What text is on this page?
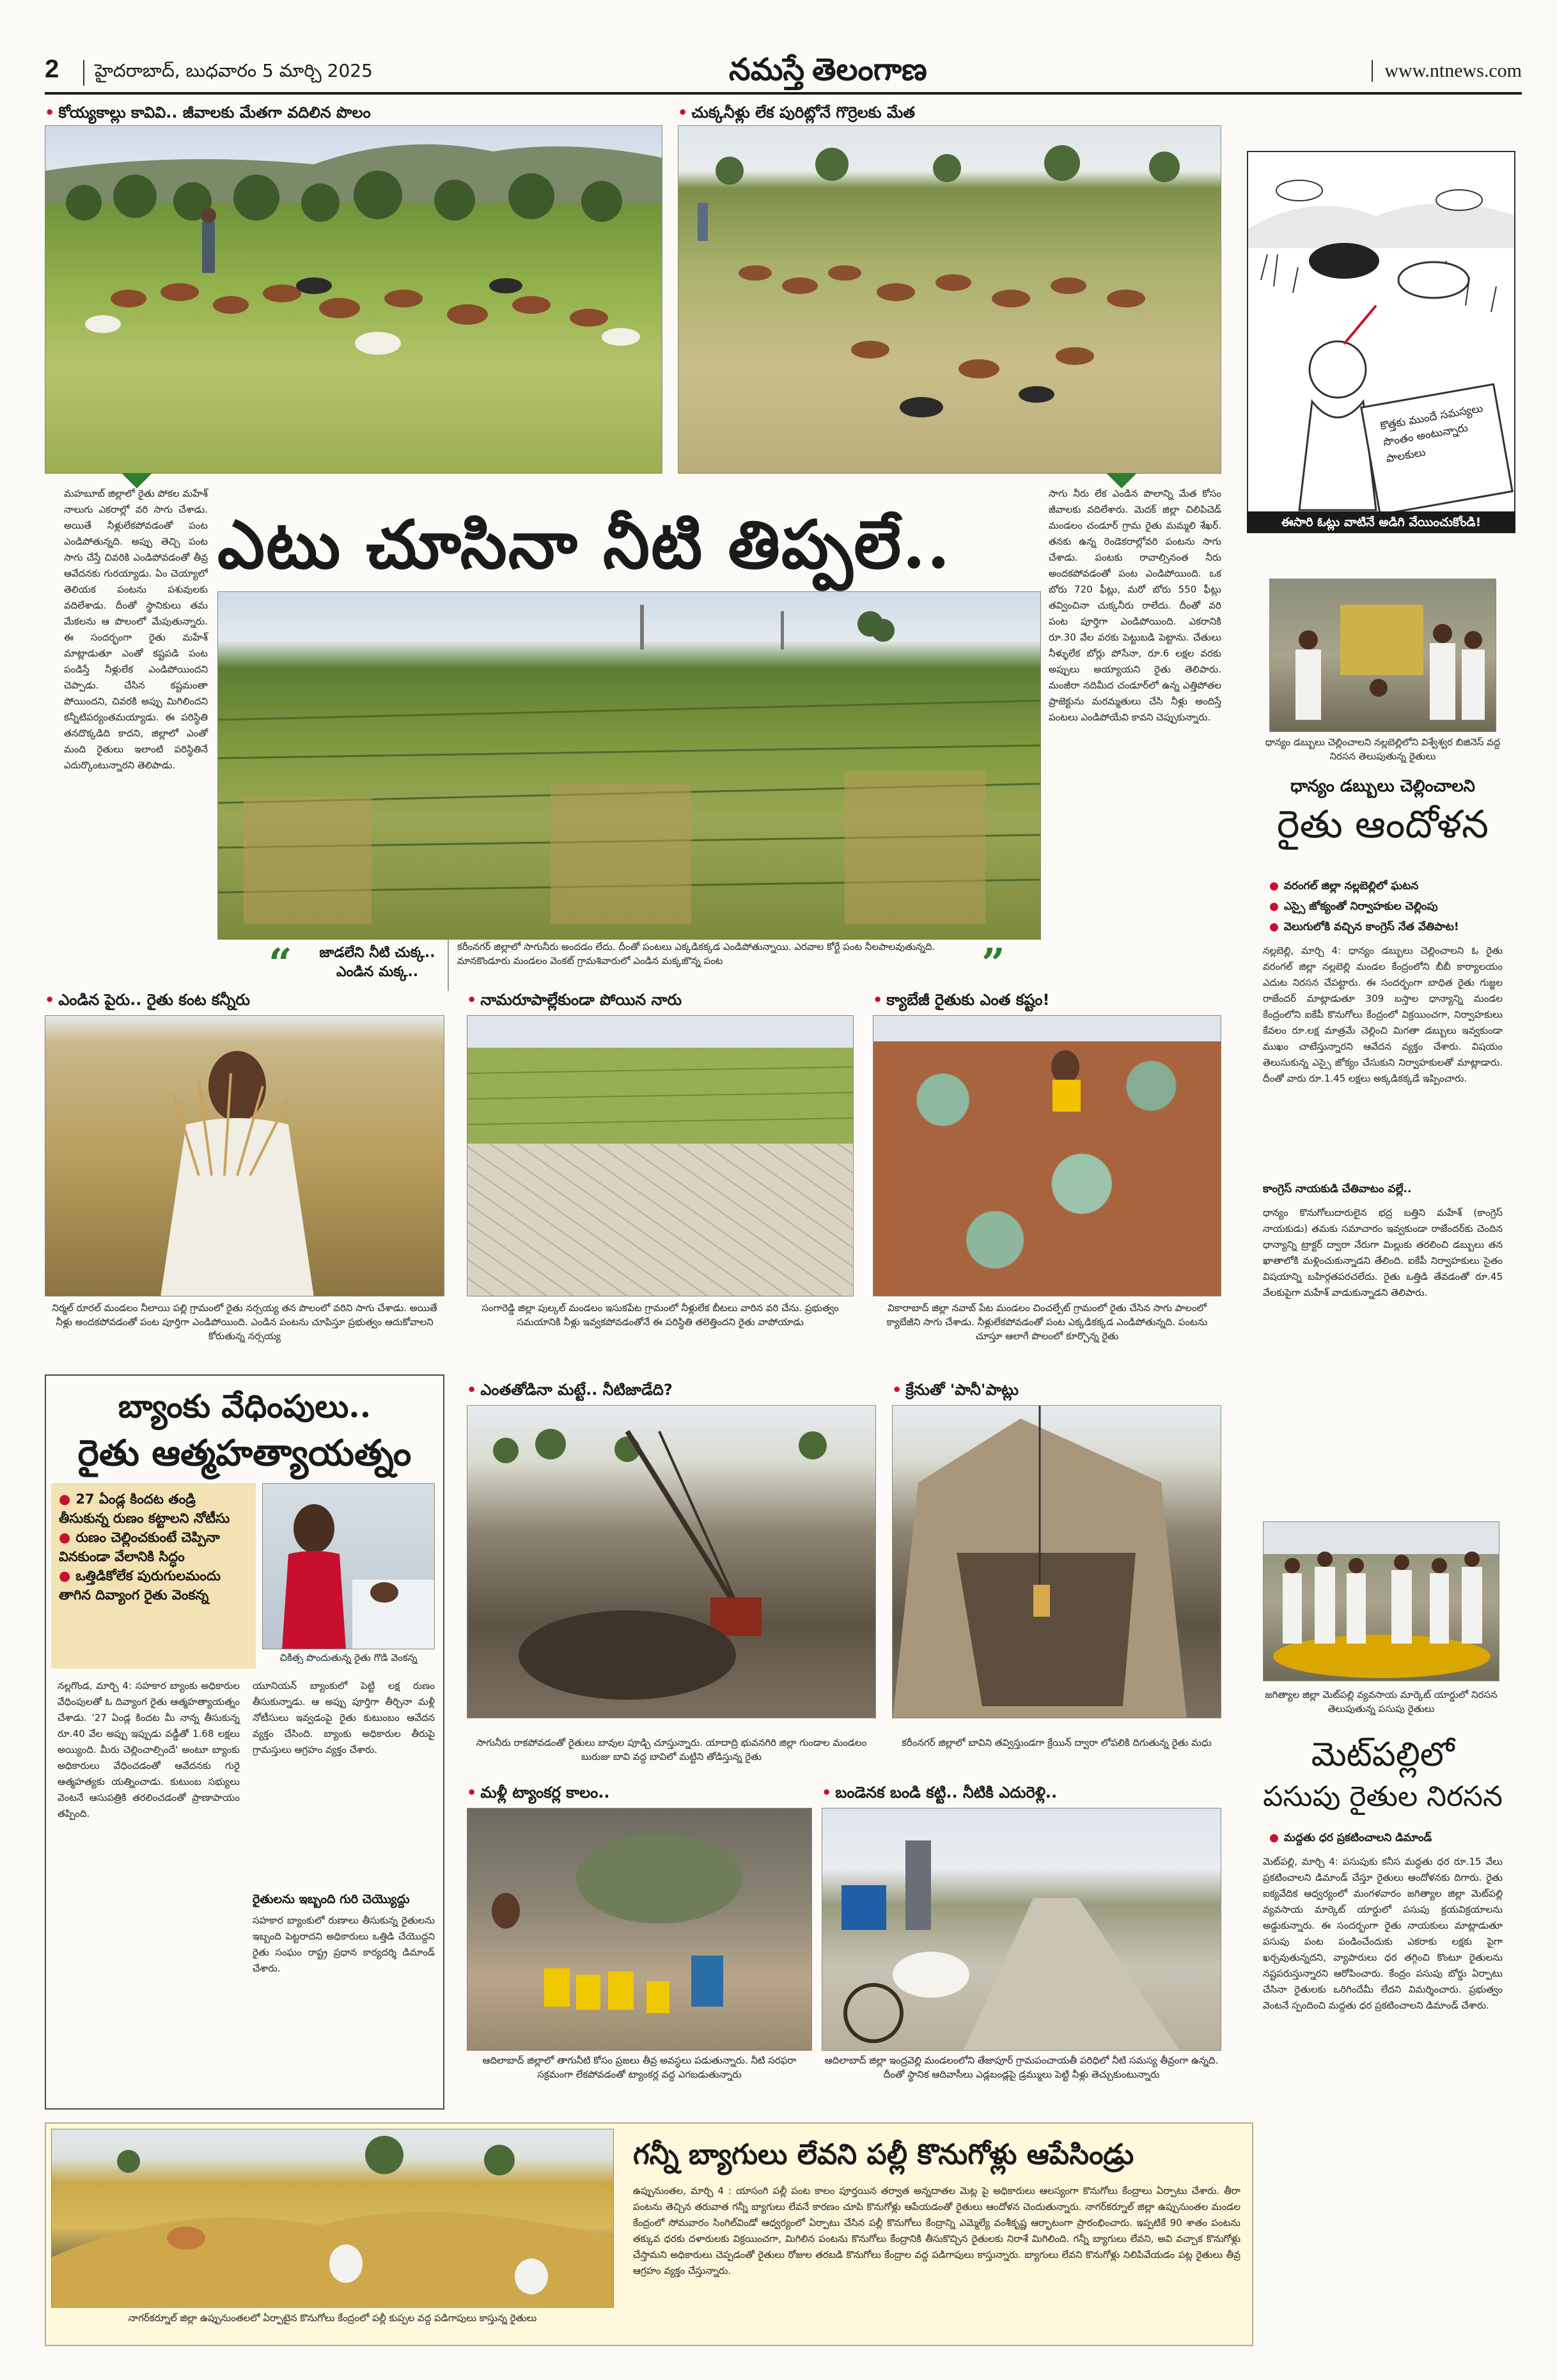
2	హైదరాబాద్, బుధవారం 5 మార్చి 2025	నమస్తే తెలంగాణ	www.ntnews.com
• కోయ్యకాల్లు కావివి.. జీవాలకు మేతగా వదిలిన పొలం	• చుక్కనీళ్లు లేక పురిట్లోనే గొర్రెలకు మేత
కొత్తకు ముందే సమస్యలు సొంతం అంటున్నారు పాలకులు
ఈసారి ఓట్లు వాటినే అడిగి వేయించుకోండి!
మహబూబ్ జిల్లాలో రైతు పోకల మహేశ్ నాలుగు ఎకరాల్లో వరి సాగు చేశాడు. అయితే నీళ్లులేకపోవడంతో పంట ఎండిపోతున్నది. అప్పు తెచ్చి పంట సాగు చేస్తే చివరికి ఎండిపోవడంతో తీవ్ర ఆవేదనకు గురయ్యాడు. ఏం చెయ్యాలో తెలియక పంటను పశువులకు వదిలేశాడు. దీంతో స్థానికులు తమ మేకలను ఆ పొలంలో మేపుతున్నారు. ఈ సందర్భంగా రైతు మహేశ్ మాట్లాడుతూ ఎంతో కష్టపడి పంట పండిస్తే నీళ్లులేక ఎండిపోయిందని చెప్పాడు. చేసిన కష్టమంతా పోయిందని, చివరకి అప్పు మిగిలిందని కన్నీటిపర్యంతమయ్యాడు. ఈ పరిస్థితి తనదొక్కడిది కాదని, జిల్లాలో ఎంతో మంది రైతులు ఇలాంటి పరిస్థితినే ఎదుర్కొంటున్నారని తెలిపాడు.
ఎటు చూసినా నీటి తిప్పలే..
సాగు నీరు లేక ఎండిన పొలాన్ని మేత కోసం జీవాలకు వదిలేశారు. మెదక్ జిల్లా చిలిపిచెడ్ మండలం చండూర్ గ్రామ రైతు మమ్మలి శేఖర్. తనకు ఉన్న రెండెకరాల్లోవరి పంటను సాగు చేశాడు. పంటకు రావాల్సినంత నీరు అందకపోవడంతో పంట ఎండిపోయింది. ఒక బోరు 720 ఫీట్లు, మరో బోరు 550 ఫీట్లు తవ్వించినా చుక్కనీరు రాలేదు. దీంతో వరి పంట పూర్తిగా ఎండిపోయింది. ఎకరానికి రూ.30 వేల వరకు పెట్టుబడి పెట్టాను. చేతులు నీళ్ళులేక బోర్లు పోసేనా, రూ.6 లక్షల వరకు అప్పులు అయ్యాయని రైతు తెలిపారు. మంజీరా నదిమీద చండూర్‌లో ఉన్న ఎత్తిపోతల ప్రాజెక్టును మరమ్మతులు చేసి నీళ్లు అందిస్తే పంటలు ఎండిపోయేవి కావని చెప్పుకున్నారు.
“	జాడలేని నీటి చుక్క.. ఎండిన మక్క..
కరీంనగర్ జిల్లాలో సాగునీరు అందడం లేదు. దీంతో పంటలు ఎక్కడికక్కడ ఎండిపోతున్నాయి. ఎరవాల కోర్టే పంట నీలపాలవుతున్నది. మానకొండూరు మండలం వెంకట్ గ్రామశివారులో ఎండిన మక్కజొన్న పంట	”
• ఎండిన పైరు.. రైతు కంట కన్నీరు
నిర్మల్ రూరల్ మండలం నీలాయి పల్లి గ్రామంలో రైతు నర్సయ్య తన పొలంలో వరిని సాగు చేశాడు. అయితే నీళ్లు అందకపోవడంతో పంట పూర్తిగా ఎండిపోయింది. ఎండిన పంటను చూపిస్తూ ప్రభుత్వం ఆదుకోవాలని కోరుతున్న నర్సయ్య
• నామరూపాల్లేకుండా పోయిన నారు
సంగారెడ్డి జిల్లా పుల్కల్ మండలం ఇసుకపేట గ్రామంలో నీళ్లులేక బీటలు వారిన వరి చేను. ప్రభుత్వం సమయానికి నీళ్లు ఇవ్వకపోవడంతోనే ఈ పరిస్థితి తలెత్తిందని రైతు వాపోయాడు
• క్యాబేజీ రైతుకు ఎంత కష్టం!
వికారాబాద్ జిల్లా నవాబ్ పేట మండలం చించల్పేట్ గ్రామంలో రైతు చేసిన సాగు పాలంలో క్యాబేజీని సాగు చేశాడు. నీళ్లులేకపోవడంతో పంట ఎక్కడికక్కడ ఎండిపోతున్నది. పంటను చూస్తూ ఆలాగే పొలంలో కూర్చొన్న రైతు
బ్యాంకు వేధింపులు..
రైతు ఆత్మహత్యాయత్నం
● 27 ఏండ్ల కిందట తండ్రి తీసుకున్న రుణం కట్టాలని నోటీసు
● రుణం చెల్లించకుంటే చెప్పినా వినకుండా వేలానికి సిద్ధం
● ఒత్తిడికోలేక పురుగులమందు తాగిన దివ్యాంగ రైతు వెంకన్న
చికిత్స పొందుతున్న రైతు గొడి వెంకన్న
నల్లగొండ, మార్చి 4: సహకార బ్యాంకు అధికారుల వేధింపులతో ఓ దివ్యాంగ రైతు ఆత్మహత్యాయత్నం చేశాడు. '27 ఏండ్ల కిందట మీ నాన్న తీసుకున్న రూ.40 వేల అప్పు ఇప్పుడు వడ్డీతో 1.68 లక్షలు అయ్యింది. మీరు చెల్లించాల్సిందే' అంటూ బ్యాంకు అధికారులు వేధించడంతో ఆవేదనకు గురై ఆత్మహత్యకు యత్నించాడు. కుటుంబ సభ్యులు వెంటనే ఆసుపత్రికి తరలించడంతో ప్రాణాపాయం తప్పింది.
యూనియన్ బ్యాంకులో పెట్టి లక్ష రుణం తీసుకున్నాడు. ఆ అప్పు పూర్తిగా తీర్చినా మళ్లీ నోటీసులు ఇవ్వడంపై రైతు కుటుంబం ఆవేదన వ్యక్తం చేసింది. బ్యాంకు అధికారుల తీరుపై గ్రామస్తులు ఆగ్రహం వ్యక్తం చేశారు.
రైతులను ఇబ్బంది గురి చెయ్యొద్దు
సహకార బ్యాంకులో రుణాలు తీసుకున్న రైతులను ఇబ్బంది పెట్టరాదని అధికారులు ఒత్తిడి చేయొద్దని రైతు సంఘం రాష్ట్ర ప్రధాన కార్యదర్శి డిమాండ్ చేశారు.
• ఎంతతోడినా మట్టే.. నీటిజాడేది?
సాగునీరు రాకపోవడంతో రైతులు బావుల పూడ్చి చూస్తున్నారు. యాదాద్రి భువనగిరి జిల్లా గుండాల మండలం బురుజు బావి వద్ద బావిలో మట్టిని తోడిస్తున్న రైతు
• క్రేనుతో 'పానీ'పాట్లు
కరీంనగర్ జిల్లాలో బావిని తవ్విస్తుండగా క్రేయిన్ ద్వారా లోపలికి దిగుతున్న రైతు మధు
• మళ్లీ ట్యాంకర్ల కాలం..
ఆదిలాబాద్ జిల్లాలో తాగునీటి కోసం ప్రజలు తీవ్ర అవస్థలు పడుతున్నారు. నీటి సరఫరా సక్రమంగా లేకపోవడంతో ట్యాంకర్ల వద్ద ఎగబడుతున్నారు
• బండెనక బండి కట్టి.. నీటికి ఎదురెళ్లి..
ఆదిలాబాద్ జిల్లా ఇంద్రవెల్లి మండలంలోని తేజాపూర్ గ్రామపంచాయతీ పరిధిలో నీటి సమస్య తీవ్రంగా ఉన్నది. దీంతో స్థానిక ఆదివాసీలు ఎడ్లబండ్లపై డ్రమ్ములు పెట్టి నీళ్లు తెచ్చుకుంటున్నారు
ధాన్యం డబ్బులు చెల్లించాలని నల్లబెల్లిలోని విశ్వేశ్వర బిజినెస్ వద్ద నిరసన తెలుపుతున్న రైతులు
ధాన్యం డబ్బులు చెల్లించాలని
రైతు ఆందోళన
● వరంగల్ జిల్లా నల్లబెల్లిలో ఘటన
● ఎస్సై జోక్యంతో నిర్వాహకుల చెల్లింపు
● వెలుగులోకి వచ్చిన కాంగ్రెస్ నేత వేతిపాట!
నల్లబెల్లి, మార్చి 4: ధాన్యం డబ్బులు చెల్లించాలని ఓ రైతు వరంగల్ జిల్లా నల్లబెల్లి మండల కేంద్రంలోని బీబీ కార్యాలయం ఎదుట నిరసన చేపట్టారు. ఈ సందర్భంగా బాధిత రైతు గుజ్జల రాజేందర్ మాట్లాడుతూ 309 బస్తాల ధాన్యాన్ని మండల కేంద్రంలోని ఐకేపీ కొనుగోలు కేంద్రంలో విక్రయించగా, నిర్వాహకులు కేవలం రూ.లక్ష మాత్రమే చెల్లించి మిగతా డబ్బులు ఇవ్వకుండా ముఖం చాటేస్తున్నారని ఆవేదన వ్యక్తం చేశారు. విషయం తెలుసుకున్న ఎస్సై జోక్యం చేసుకుని నిర్వాహకులతో మాట్లాడారు. దీంతో వారు రూ.1.45 లక్షలు అక్కడికక్కడే ఇప్పించారు.
కాంగ్రెస్ నాయకుడి చేతివాటం వల్లే..
ధాన్యం కొనుగోలుదారులైన భద్ర బత్తిని మహేశ్ (కాంగ్రెస్ నాయకుడు) తమకు సమాచారం ఇవ్వకుండా రాజేందర్‌కు చెందిన ధాన్యాన్ని ట్రాక్టర్ ద్వారా నేరుగా మిల్లుకు తరలించి డబ్బులు తన ఖాతాలోకి మళ్లించుకున్నాడని తేలింది. ఐకేపీ నిర్వాహకులు సైతం విషయాన్ని బహిర్గతపరచలేదు. రైతు ఒత్తిడి తేవడంతో రూ.45 వేలకుపైగా మహేశ్ వాడుకున్నాడని తెలిపారు.
జగిత్యాల జిల్లా మెట్‌పల్లి వ్యవసాయ మార్కెట్ యార్డులో నిరసన తెలుపుతున్న పసుపు రైతులు
మెట్‌పల్లిలో
పసుపు రైతుల నిరసన
● మద్దతు ధర ప్రకటించాలని డిమాండ్
మెట్‌పల్లి, మార్చి 4: పసుపుకు కనీస మద్దతు ధర రూ.15 వేలు ప్రకటించాలని డిమాండ్ చేస్తూ రైతులు ఆందోళనకు దిగారు. రైతు ఐక్యవేదిక ఆధ్వర్యంలో మంగళవారం జగిత్యాల జిల్లా మెట్‌పల్లి వ్యవసాయ మార్కెట్ యార్డులో పసుపు క్రయవిక్రయాలను అడ్డుకున్నారు. ఈ సందర్భంగా రైతు నాయకులు మాట్లాడుతూ పసుపు పంట పండించేందుకు ఎకరాకు లక్షకు పైగా ఖర్చవుతున్నదని, వ్యాపారులు ధర తగ్గించి కొంటూ రైతులను నష్టపరుస్తున్నారని ఆరోపించారు. కేంద్రం పసుపు బోర్డు ఏర్పాటు చేసినా రైతులకు ఒరిగిందేమీ లేదని విమర్శించారు. ప్రభుత్వం వెంటనే స్పందించి మద్దతు ధర ప్రకటించాలని డిమాండ్ చేశారు.
నాగర్‌కర్నూల్ జిల్లా ఉప్పునుంతలలో ఏర్పాటైన కొనుగోలు కేంద్రంలో పల్లీ కుప్పల వద్ద పడిగాపులు కాస్తున్న రైతులు
గన్నీ బ్యాగులు లేవని పల్లీ కొనుగోళ్లు ఆపేసిండ్రు
ఉప్పునుంతల, మార్చి 4 : యాసంగి పల్లీ పంట కాలం పూర్తయిన తర్వాత అన్నదాతల మెట్ల పై అధికారులు ఆలస్యంగా కొనుగోలు కేంద్రాలు ఏర్పాటు చేశారు. తీరా పంటను తెచ్చిన తరువాత గన్నీ బ్యాగులు లేవనే కారణం చూపి కొనుగోళ్లు ఆపేయడంతో రైతులు ఆందోళన చెందుతున్నారు. నాగర్‌కర్నూల్ జిల్లా ఉప్పునుంతల మండల కేంద్రంలో సోమవారం సింగిల్‌విండో ఆధ్వర్యంలో ఏర్పాటు చేసిన పల్లీ కొనుగోలు కేంద్రాన్ని ఎమ్మెల్యే వంశీకృష్ణ ఆర్భాటంగా ప్రారంభించారు. ఇప్పటికే 90 శాతం పంటను తక్కువ ధరకు దళారులకు విక్రయించగా, మిగిలిన పంటను కొనుగోలు కేంద్రానికి తీసుకొచ్చిన రైతులకు నిరాశే మిగిలింది. గన్నీ బ్యాగులు లేవని, అవి వచ్చాక కొనుగోళ్లు చేస్తామని అధికారులు చెప్పడంతో రైతులు రోజుల తరబడి కొనుగోలు కేంద్రాల వద్ద పడిగాపులు కాస్తున్నారు. బ్యాగులు లేవని కొనుగోళ్లు నిలిపివేయడం పట్ల రైతులు తీవ్ర ఆగ్రహం వ్యక్తం చేస్తున్నారు.
